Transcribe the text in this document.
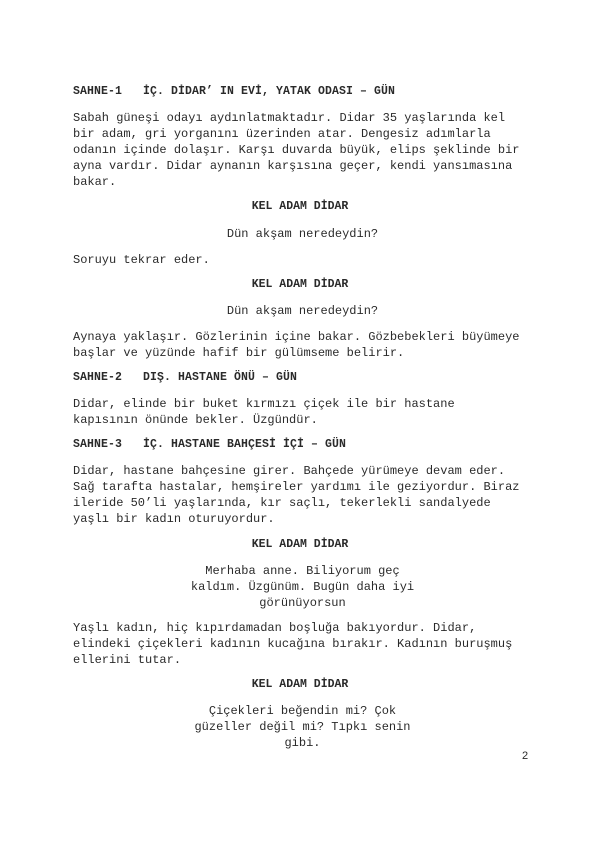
SAHNE-1   İÇ. DİDAR’ IN EVİ, YATAK ODASI – GÜN
Sabah güneşi odayı aydınlatmaktadır. Didar 35 yaşlarında kel
bir adam, gri yorganını üzerinden atar. Dengesiz adımlarla
odanın içinde dolaşır. Karşı duvarda büyük, elips şeklinde bir
ayna vardır. Didar aynanın karşısına geçer, kendi yansımasına
bakar.
KEL ADAM DİDAR
Dün akşam neredeydin?
Soruyu tekrar eder.
KEL ADAM DİDAR
Dün akşam neredeydin?
Aynaya yaklaşır. Gözlerinin içine bakar. Gözbebekleri büyümeye
başlar ve yüzünde hafif bir gülümseme belirir.
SAHNE-2   DIŞ. HASTANE ÖNÜ – GÜN
Didar, elinde bir buket kırmızı çiçek ile bir hastane
kapısının önünde bekler. Üzgündür.
SAHNE-3   İÇ. HASTANE BAHÇESİ İÇİ – GÜN
Didar, hastane bahçesine girer. Bahçede yürümeye devam eder.
Sağ tarafta hastalar, hemşireler yardımı ile geziyordur. Biraz
ileride 50’li yaşlarında, kır saçlı, tekerlekli sandalyede
yaşlı bir kadın oturuyordur.
KEL ADAM DİDAR
Merhaba anne. Biliyorum geç
kaldım. Üzgünüm. Bugün daha iyi
görünüyorsun
Yaşlı kadın, hiç kıpırdamadan boşluğa bakıyordur. Didar,
elindeki çiçekleri kadının kucağına bırakır. Kadının buruşmuş
ellerini tutar.
KEL ADAM DİDAR
Çiçekleri beğendin mi? Çok
güzeller değil mi? Tıpkı senin
gibi.
2
